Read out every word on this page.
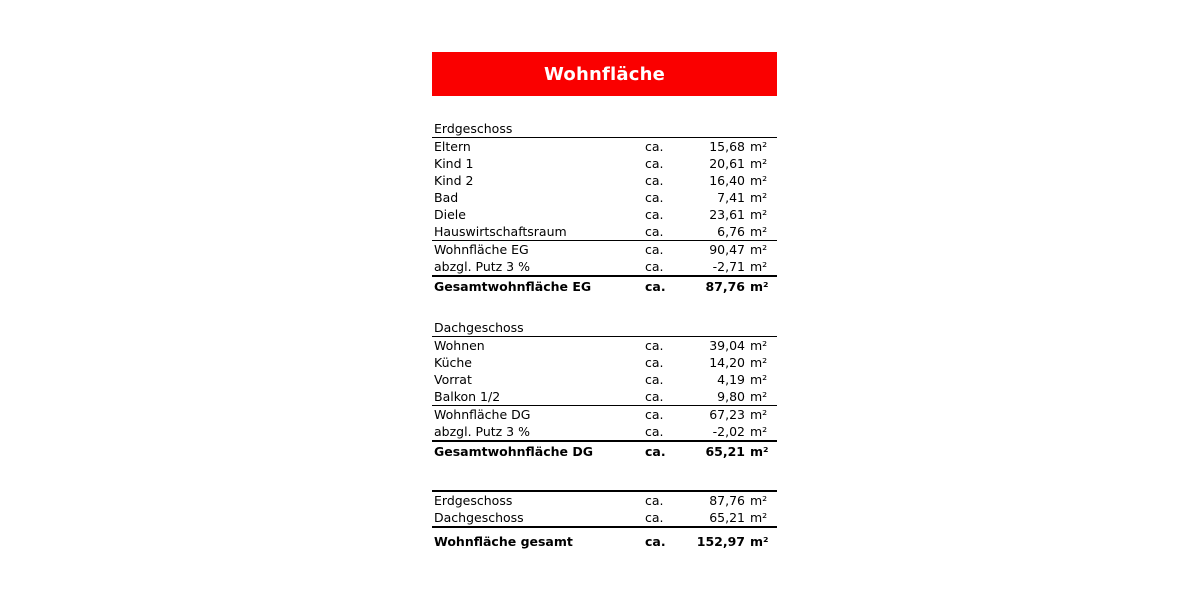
Wohnfläche
Erdgeschoss
Eltern	ca.	15,68 m²
Kind 1	ca.	20,61 m²
Kind 2	ca.	16,40 m²
Bad	ca.	7,41 m²
Diele	ca.	23,61 m²
Hauswirtschaftsraum	ca.	6,76 m²
Wohnfläche EG	ca.	90,47 m²
abzgl. Putz 3 %	ca.	-2,71 m²
Gesamtwohnfläche EG	ca.	87,76 m²
Dachgeschoss
Wohnen	ca.	39,04 m²
Küche	ca.	14,20 m²
Vorrat	ca.	4,19 m²
Balkon 1/2	ca.	9,80 m²
Wohnfläche DG	ca.	67,23 m²
abzgl. Putz 3 %	ca.	-2,02 m²
Gesamtwohnfläche DG	ca.	65,21 m²
Erdgeschoss	ca.	87,76 m²
Dachgeschoss	ca.	65,21 m²
Wohnfläche gesamt	ca.	152,97 m²
